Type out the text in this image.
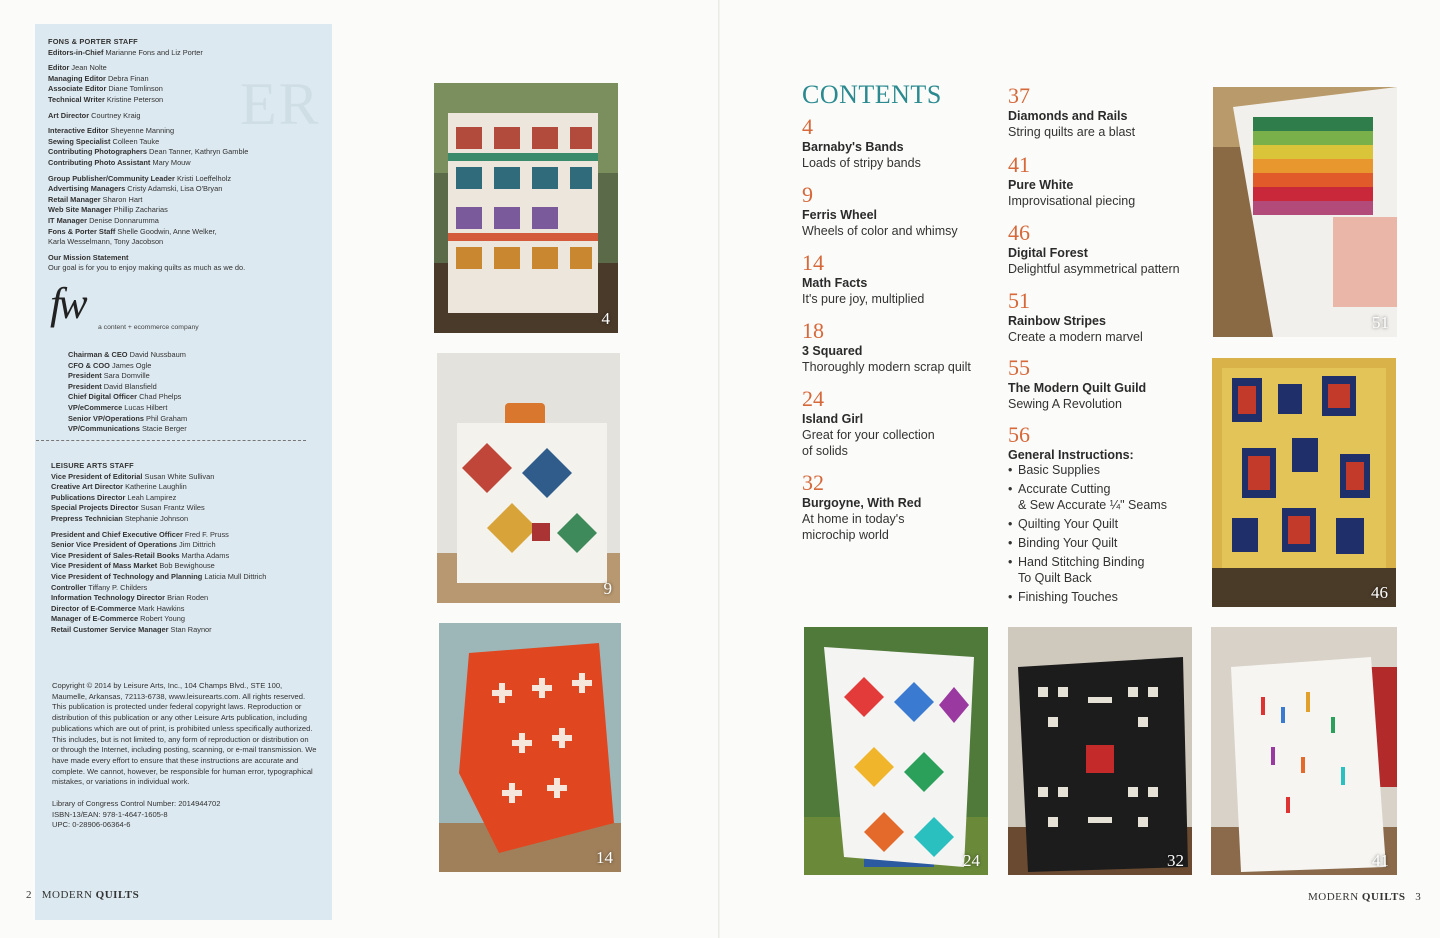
ER
FONS & PORTER STAFF
Editors-in-Chief Marianne Fons and Liz Porter
Editor Jean Nolte
Managing Editor Debra Finan
Associate Editor Diane Tomlinson
Technical Writer Kristine Peterson
Art Director Courtney Kraig
Interactive Editor Sheyenne Manning
Sewing Specialist Colleen Tauke
Contributing Photographers Dean Tanner, Kathryn Gamble
Contributing Photo Assistant Mary Mouw
Group Publisher/Community Leader Kristi Loeffelholz
Advertising Managers Cristy Adamski, Lisa O'Bryan
Retail Manager Sharon Hart
Web Site Manager Phillip Zacharias
IT Manager Denise Donnarumma
Fons & Porter Staff Shelle Goodwin, Anne Welker,
Karla Wesselmann, Tony Jacobson
Our Mission Statement
Our goal is for you to enjoy making quilts as much as we do.
fw a content + ecommerce company
Chairman & CEO David Nussbaum
CFO & COO James Ogle
President Sara Domville
President David Blansfield
Chief Digital Officer Chad Phelps
VP/eCommerce Lucas Hilbert
Senior VP/Operations Phil Graham
VP/Communications Stacie Berger
LEISURE ARTS STAFF
Vice President of Editorial Susan White Sullivan
Creative Art Director Katherine Laughlin
Publications Director Leah Lampirez
Special Projects Director Susan Frantz Wiles
Prepress Technician Stephanie Johnson
President and Chief Executive Officer Fred F. Pruss
Senior Vice President of Operations Jim Dittrich
Vice President of Sales-Retail Books Martha Adams
Vice President of Mass Market Bob Bewighouse
Vice President of Technology and Planning Laticia Mull Dittrich
Controller Tiffany P. Childers
Information Technology Director Brian Roden
Director of E-Commerce Mark Hawkins
Manager of E-Commerce Robert Young
Retail Customer Service Manager Stan Raynor
Copyright © 2014 by Leisure Arts, Inc., 104 Champs Blvd., STE 100, Maumelle, Arkansas, 72113-6738, www.leisurearts.com. All rights reserved. This publication is protected under federal copyright laws. Reproduction or distribution of this publication or any other Leisure Arts publication, including publications which are out of print, is prohibited unless specifically authorized. This includes, but is not limited to, any form of reproduction or distribution on or through the Internet, including posting, scanning, or e-mail transmission. We have made every effort to ensure that these instructions are accurate and complete. We cannot, however, be responsible for human error, typographical mistakes, or variations in individual work.
Library of Congress Control Number: 2014944702
ISBN-13/EAN: 978-1-4647-1605-8
UPC: 0-28906-06364-6
2 MODERN QUILTS
4
9
14
CONTENTS
4
Barnaby's Bands
Loads of stripy bands
9
Ferris Wheel
Wheels of color and whimsy
14
Math Facts
It's pure joy, multiplied
18
3 Squared
Thoroughly modern scrap quilt
24
Island Girl
Great for your collection
of solids
32
Burgoyne, With Red
At home in today's
microchip world
37
Diamonds and Rails
String quilts are a blast
41
Pure White
Improvisational piecing
46
Digital Forest
Delightful asymmetrical pattern
51
Rainbow Stripes
Create a modern marvel
55
The Modern Quilt Guild
Sewing A Revolution
56
General Instructions:
• Basic Supplies
• Accurate Cutting
& Sew Accurate ¼" Seams
• Quilting Your Quilt
• Binding Your Quilt
• Hand Stitching Binding
To Quilt Back
• Finishing Touches
51
46
24	32	41
MODERN QUILTS 3
